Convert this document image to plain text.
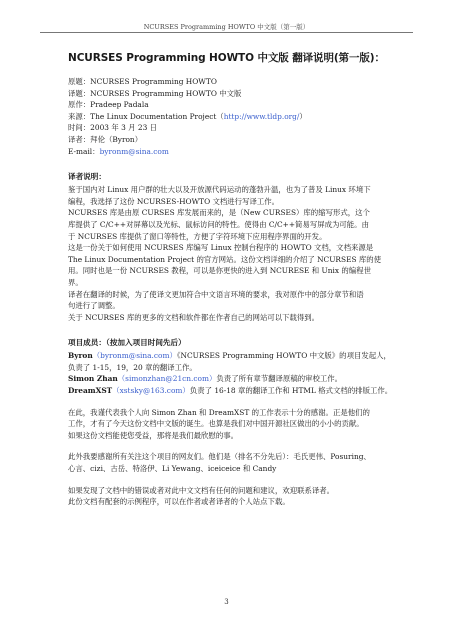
NCURSES Programming HOWTO 中文版（第一版）
NCURSES Programming HOWTO 中文版 翻译说明(第一版)：
原题：NCURSES Programming HOWTO
译题：NCURSES Programming HOWTO 中文版
原作：Pradeep Padala
来源：The Linux Documentation Project（http://www.tldp.org/）
时间：2003 年 3 月 23 日
译者：拜伦（Byron）
E-mail：byronm@sina.com
译者说明：

鉴于国内对 Linux 用户群的壮大以及开放源代码运动的蓬勃升温，也为了普及 Linux 环境下

编程，我选择了这份 NCURSES-HOWTO 文档进行写译工作。

NCURSES 库是由原 CURSES 库发展而来的，是（New CURSES）库的缩写形式，这个

库提供了 C/C++对屏幕以及光标、鼠标访问的特性。使得由 C/C++简易写屏成为可能。由

于 NCURSES 库提供了窗口等特性，方便了字符环境下应用程序界面的开发。

这是一份关于如何使用 NCURSES 库编写 Linux 控制台程序的 HOWTO 文档，文档来源是

The Linux Documentation Project 的官方网站。这份文档详细的介绍了 NCURSES 库的使

用。同时也是一份 NCURSES 教程，可以是你更快的进入到 NCURESE 和 Unix 的编程世

界。

译者在翻译的时候，为了使译文更加符合中文语言环境的要求，我对原作中的部分章节和语

句进行了调整。

关于 NCURSES 库的更多的文档和软件都在作者自己的网站可以下载得到。

项目成员：（按加入项目时间先后）

Byron（byronm@sina.com）《NCURSES Programming HOWTO 中文版》的项目发起人，

负责了 1-15，19，20 章的翻译工作。

Simon Zhan（simonzhan@21cn.com）负责了所有章节翻译原稿的审校工作。

DreamXST（xstsky@163.com）负责了 16-18 章的翻译工作和 HTML 格式文档的排版工作。

在此，我谨代表我个人向 Simon Zhan 和 DreamXST 的工作表示十分的感谢。正是他们的

工作，才有了今天这份文档中文版的诞生。也算是我们对中国开源社区做出的小小的贡献。

如果这份文档能使您受益，那将是我们最欣慰的事。

此外我要感谢所有关注这个项目的网友们。他们是（排名不分先后）：毛氏更伟、Posuring、

心言、cizi、古岳、特洛伊、Li Yewang、iceiceice 和 Candy

如果发现了文档中的错误或者对此中文文档有任何的问题和建议，欢迎联系译者。

此份文档有配套的示例程序，可以在作者或者译者的个人站点下载。

3
